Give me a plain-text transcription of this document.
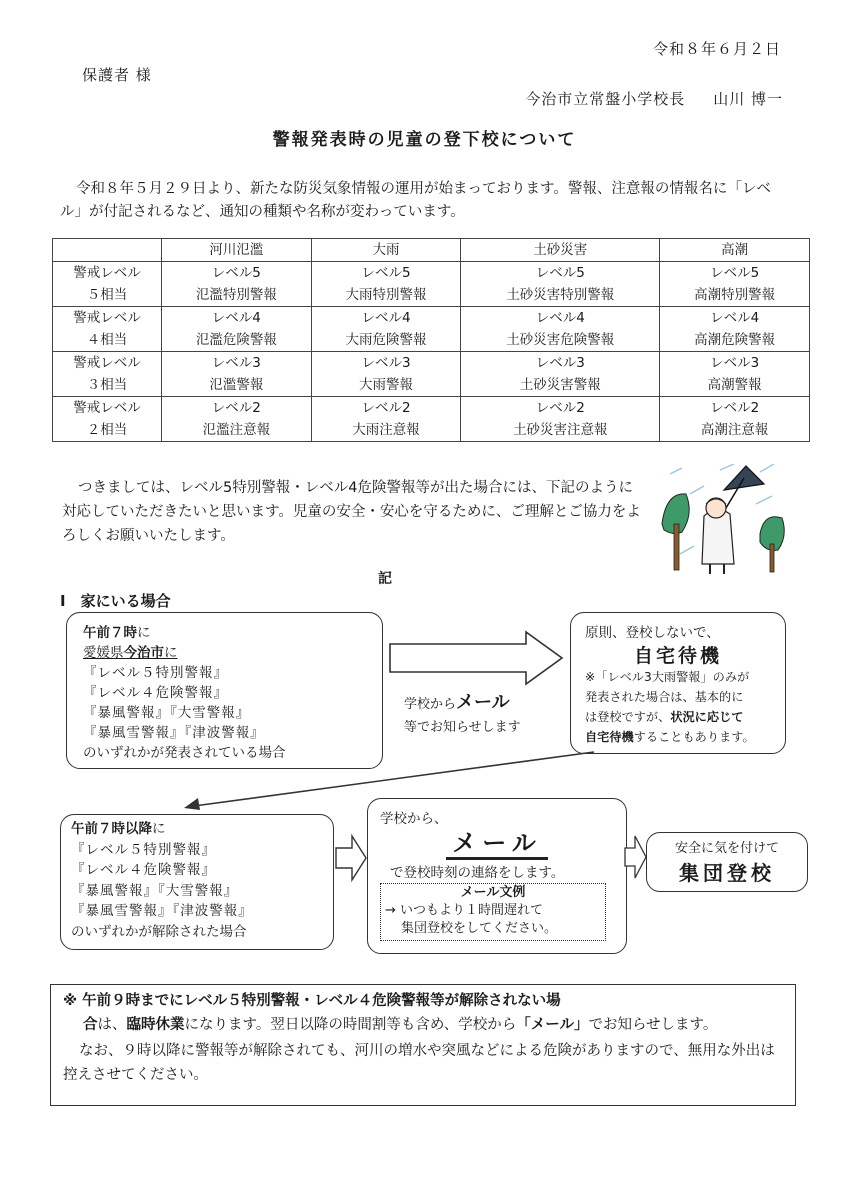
令和８年６月２日
保護者 様
今治市立常盤小学校長 山川 博一
警報発表時の児童の登下校について
令和８年５月２９日より、新たな防災気象情報の運用が始まっております。警報、注意報の情報名に「レベル」が付記されるなど、通知の種類や名称が変わっています。
	河川氾濫	大雨	土砂災害	高潮
警戒レベル	レベル5	レベル5	レベル5	レベル5
５相当	氾濫特別警報	大雨特別警報	土砂災害特別警報	高潮特別警報
警戒レベル	レベル4	レベル4	レベル4	レベル4
４相当	氾濫危険警報	大雨危険警報	土砂災害危険警報	高潮危険警報
警戒レベル	レベル3	レベル3	レベル3	レベル3
３相当	氾濫警報	大雨警報	土砂災害警報	高潮警報
警戒レベル	レベル2	レベル2	レベル2	レベル2
２相当	氾濫注意報	大雨注意報	土砂災害注意報	高潮注意報
つきましては、レベル5特別警報・レベル4危険警報等が出た場合には、下記のように対応していただきたいと思います。児童の安全・安心を守るために、ご理解とご協力をよろしくお願いいたします。
記
Ⅰ　家にいる場合
午前７時に
愛媛県今治市に
『レベル５特別警報』
『レベル４危険警報』
『暴風警報』『大雪警報』
『暴風雪警報』『津波警報』
のいずれかが発表されている場合
学校からメール
等でお知らせします
原則、登校しないで、
自宅待機
※「レベル3大雨警報」のみが
発表された場合は、基本的に
は登校ですが、状況に応じて
自宅待機することもあります。
午前７時以降に
『レベル５特別警報』
『レベル４危険警報』
『暴風警報』『大雪警報』
『暴風雪警報』『津波警報』
のいずれかが解除された場合
学校から、
メール
で登校時刻の連絡をします。
メール文例
→ いつもより１時間遅れて
集団登校をしてください。
安全に気を付けて
集団登校
※ 午前９時までにレベル５特別警報・レベル４危険警報等が解除されない場
合は、臨時休業になります。翌日以降の時間割等も含め、学校から「メール」でお知らせします。
なお、９時以降に警報等が解除されても、河川の増水や突風などによる危険がありますので、無用な外出は控えさせてください。
